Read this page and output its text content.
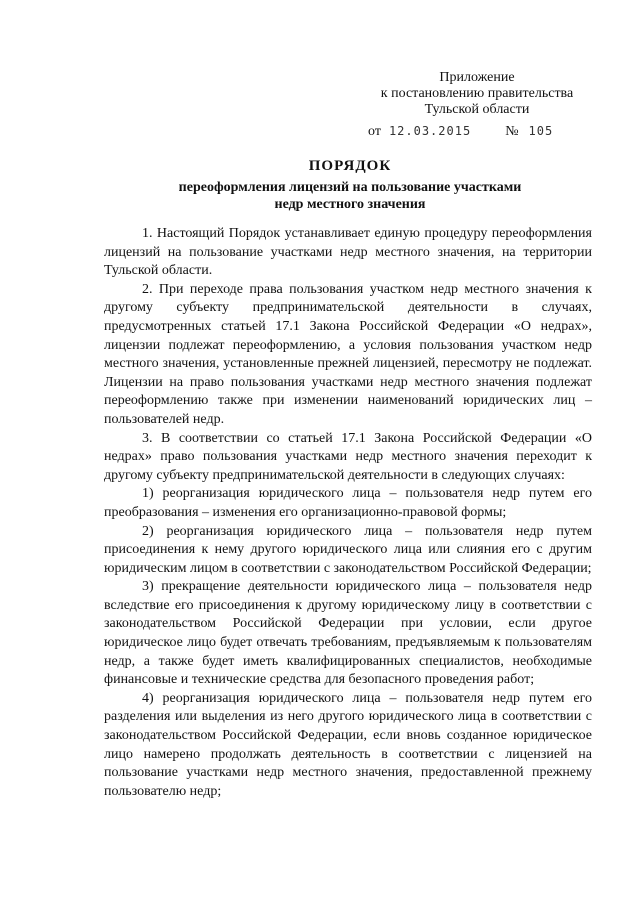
Приложение
к постановлению правительства
Тульской области
от 12.03.2015 № 105
ПОРЯДОК
переоформления лицензий на пользование участками
недр местного значения

1. Настоящий Порядок устанавливает единую процедуру переоформления лицензий на пользование участками недр местного значения, на территории Тульской области.

2. При переходе права пользования участком недр местного значения к другому субъекту предпринимательской деятельности в случаях, предусмотренных статьей 17.1 Закона Российской Федерации «О недрах», лицензии подлежат переоформлению, а условия пользования участком недр местного значения, установленные прежней лицензией, пересмотру не подлежат. Лицензии на право пользования участками недр местного значения подлежат переоформлению также при изменении наименований юридических лиц – пользователей недр.

3. В соответствии со статьей 17.1 Закона Российской Федерации «О недрах» право пользования участками недр местного значения переходит к другому субъекту предпринимательской деятельности в следующих случаях:

1) реорганизация юридического лица – пользователя недр путем его преобразования – изменения его организационно-правовой формы;

2) реорганизация юридического лица – пользователя недр путем присоединения к нему другого юридического лица или слияния его с другим юридическим лицом в соответствии с законодательством Российской Федерации;

3) прекращение деятельности юридического лица – пользователя недр вследствие его присоединения к другому юридическому лицу в соответствии с законодательством Российской Федерации при условии, если другое юридическое лицо будет отвечать требованиям, предъявляемым к пользователям недр, а также будет иметь квалифицированных специалистов, необходимые финансовые и технические средства для безопасного проведения работ;

4) реорганизация юридического лица – пользователя недр путем его разделения или выделения из него другого юридического лица в соответствии с законодательством Российской Федерации, если вновь созданное юридическое лицо намерено продолжать деятельность в соответствии с лицензией на пользование участками недр местного значения, предоставленной прежнему пользователю недр;
